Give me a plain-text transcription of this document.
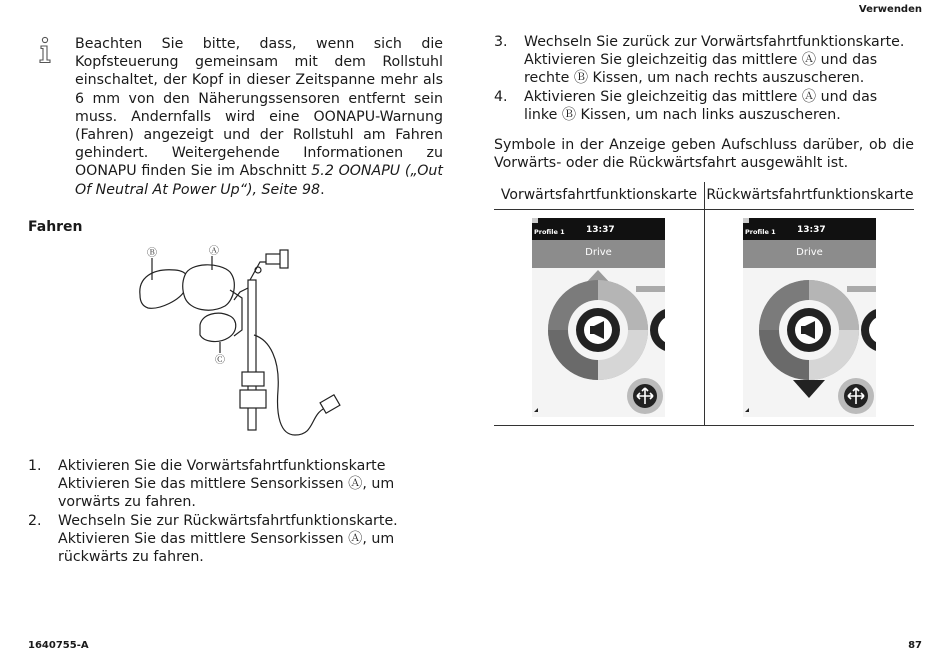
Verwenden
Beachten Sie bitte, dass, wenn sich die Kopfsteuerung gemeinsam mit dem Rollstuhl einschaltet, der Kopf in dieser Zeitspanne mehr als 6 mm von den Näherungssensoren entfernt sein muss. Andernfalls wird eine OONAPU-Warnung (Fahren) angezeigt und der Rollstuhl am Fahren gehindert. Weitergehende Informationen zu OONAPU finden Sie im Abschnitt 5.2 OONAPU („Out Of Neutral At Power Up“), Seite 98.
Fahren
Ⓑ	Ⓐ
Ⓒ
1. Aktivieren Sie die Vorwärtsfahrtfunktionskarte Aktivieren Sie das mittlere Sensorkissen Ⓐ, um vorwärts zu fahren.
2. Wechseln Sie zur Rückwärtsfahrtfunktionskarte. Aktivieren Sie das mittlere Sensorkissen Ⓐ, um rückwärts zu fahren.
3. Wechseln Sie zurück zur Vorwärtsfahrtfunktionskarte. Aktivieren Sie gleichzeitig das mittlere Ⓐ und das rechte Ⓑ Kissen, um nach rechts auszuscheren.
4. Aktivieren Sie gleichzeitig das mittlere Ⓐ und das linke Ⓑ Kissen, um nach links auszuscheren.
Symbole in der Anzeige geben Aufschluss darüber, ob die Vorwärts- oder die Rückwärtsfahrt ausgewählt ist.
Vorwärtsfahrtfunktionskarte Rückwärtsfahrtfunktionskarte
Profile 1 13:37
Drive
Profile 1 13:37
Drive
1640755-A	87
